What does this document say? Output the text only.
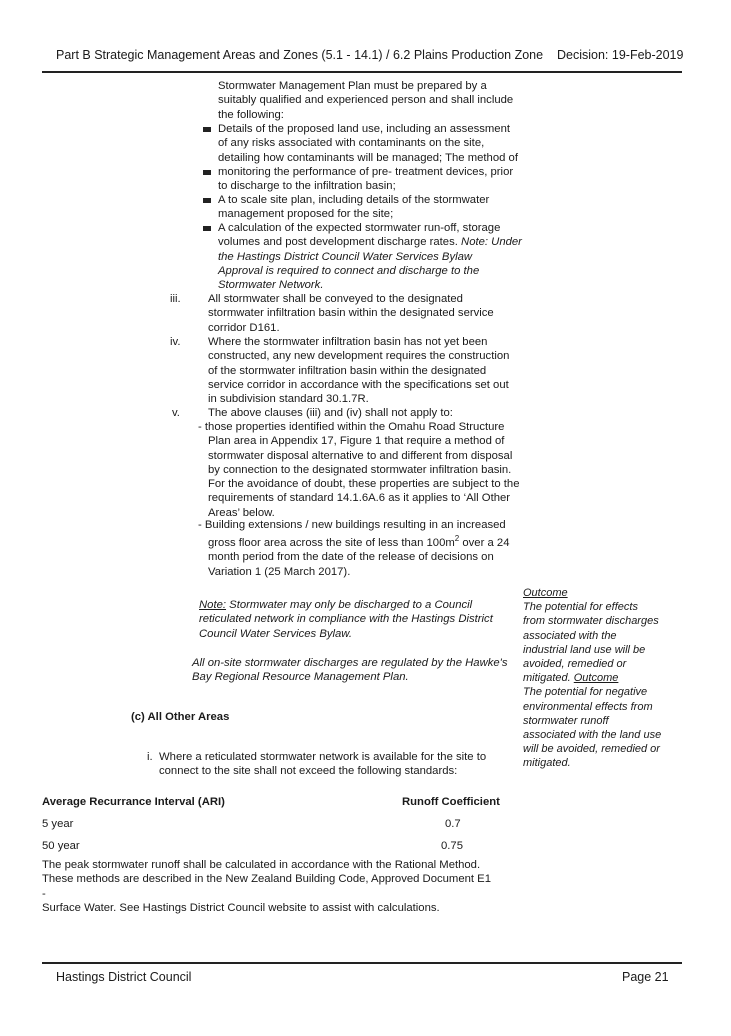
Part B Strategic Management Areas and Zones (5.1 - 14.1) / 6.2 Plains Production Zone Decision: 19-Feb-2019
Stormwater Management Plan must be prepared by a
suitably qualified and experienced person and shall include
the following:
Details of the proposed land use, including an assessment
of any risks associated with contaminants on the site,
detailing how contaminants will be managed; The method of
monitoring the performance of pre- treatment devices, prior
to discharge to the infiltration basin;
A to scale site plan, including details of the stormwater
management proposed for the site;
A calculation of the expected stormwater run-off, storage
volumes and post development discharge rates. Note: Under
the Hastings District Council Water Services Bylaw
Approval is required to connect and discharge to the
Stormwater Network.
iii. All stormwater shall be conveyed to the designated
stormwater infiltration basin within the designated service
corridor D161.
iv. Where the stormwater infiltration basin has not yet been
constructed, any new development requires the construction
of the stormwater infiltration basin within the designated
service corridor in accordance with the specifications set out
in subdivision standard 30.1.7R.
v. The above clauses (iii) and (iv) shall not apply to:
- those properties identified within the Omahu Road Structure
Plan area in Appendix 17, Figure 1 that require a method of
stormwater disposal alternative to and different from disposal
by connection to the designated stormwater infiltration basin.
For the avoidance of doubt, these properties are subject to the
requirements of standard 14.1.6A.6 as it applies to ‘All Other
Areas’ below.
- Building extensions / new buildings resulting in an increased
gross floor area across the site of less than $100m^2$ over a 24
month period from the date of the release of decisions on
Variation 1 (25 March 2017).
Note: Stormwater may only be discharged to a Council
reticulated network in compliance with the Hastings District
Council Water Services Bylaw.
All on-site stormwater discharges are regulated by the Hawke's
Bay Regional Resource Management Plan.
(c) All Other Areas
i. Where a reticulated stormwater network is available for the site to
connect to the site shall not exceed the following standards:
Outcome
The potential for effects
from stormwater discharges
associated with the
industrial land use will be
avoided, remedied or
mitigated. Outcome
The potential for negative
environmental effects from
stormwater runoff
associated with the land use
will be avoided, remedied or
mitigated.
Average Recurrance Interval (ARI)	Runoff Coefficient
5 year	0.7
50 year	0.75
The peak stormwater runoff shall be calculated in accordance with the Rational Method.
These methods are described in the New Zealand Building Code, Approved Document E1
-
Surface Water. See Hastings District Council website to assist with calculations.
Hastings District Council	Page 21
